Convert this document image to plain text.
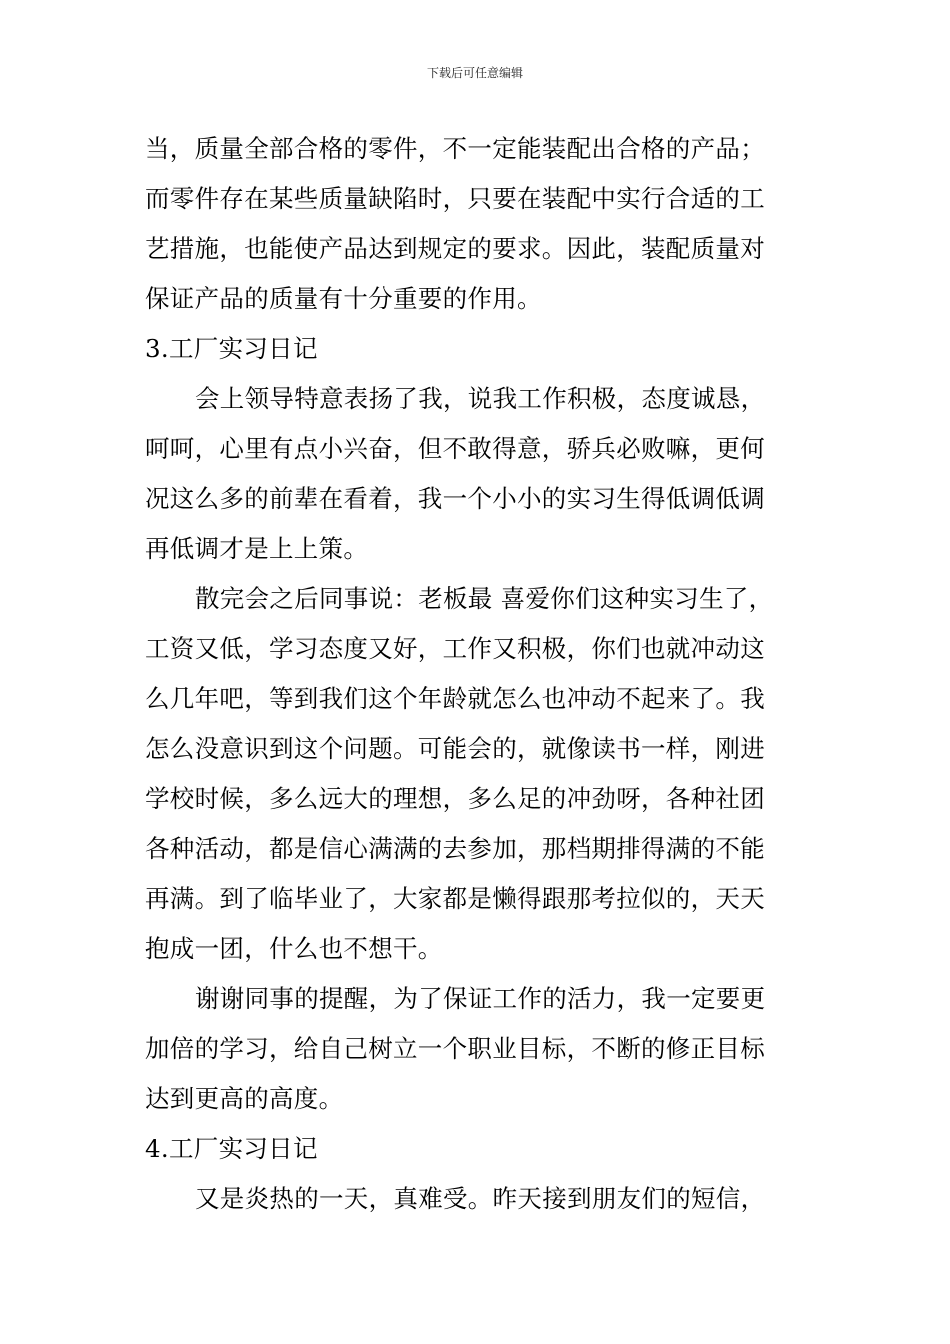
下载后可任意编辑
当，质量全部合格的零件，不一定能装配出合格的产品；
而零件存在某些质量缺陷时，只要在装配中实行合适的工
艺措施，也能使产品达到规定的要求。因此，装配质量对
保证产品的质量有十分重要的作用。
3.工厂实习日记
会上领导特意表扬了我，说我工作积极，态度诚恳，
呵呵，心里有点小兴奋，但不敢得意，骄兵必败嘛，更何
况这么多的前辈在看着，我一个小小的实习生得低调低调
再低调才是上上策。
散完会之后同事说：老板最 喜爱你们这种实习生了，
工资又低，学习态度又好，工作又积极，你们也就冲动这
么几年吧，等到我们这个年龄就怎么也冲动不起来了。我
怎么没意识到这个问题。可能会的，就像读书一样，刚进
学校时候，多么远大的理想，多么足的冲劲呀，各种社团
各种活动，都是信心满满的去参加，那档期排得满的不能
再满。到了临毕业了，大家都是懒得跟那考拉似的，天天
抱成一团，什么也不想干。
谢谢同事的提醒，为了保证工作的活力，我一定要更
加倍的学习，给自己树立一个职业目标，不断的修正目标
达到更高的高度。
4.工厂实习日记
又是炎热的一天，真难受。昨天接到朋友们的短信，
